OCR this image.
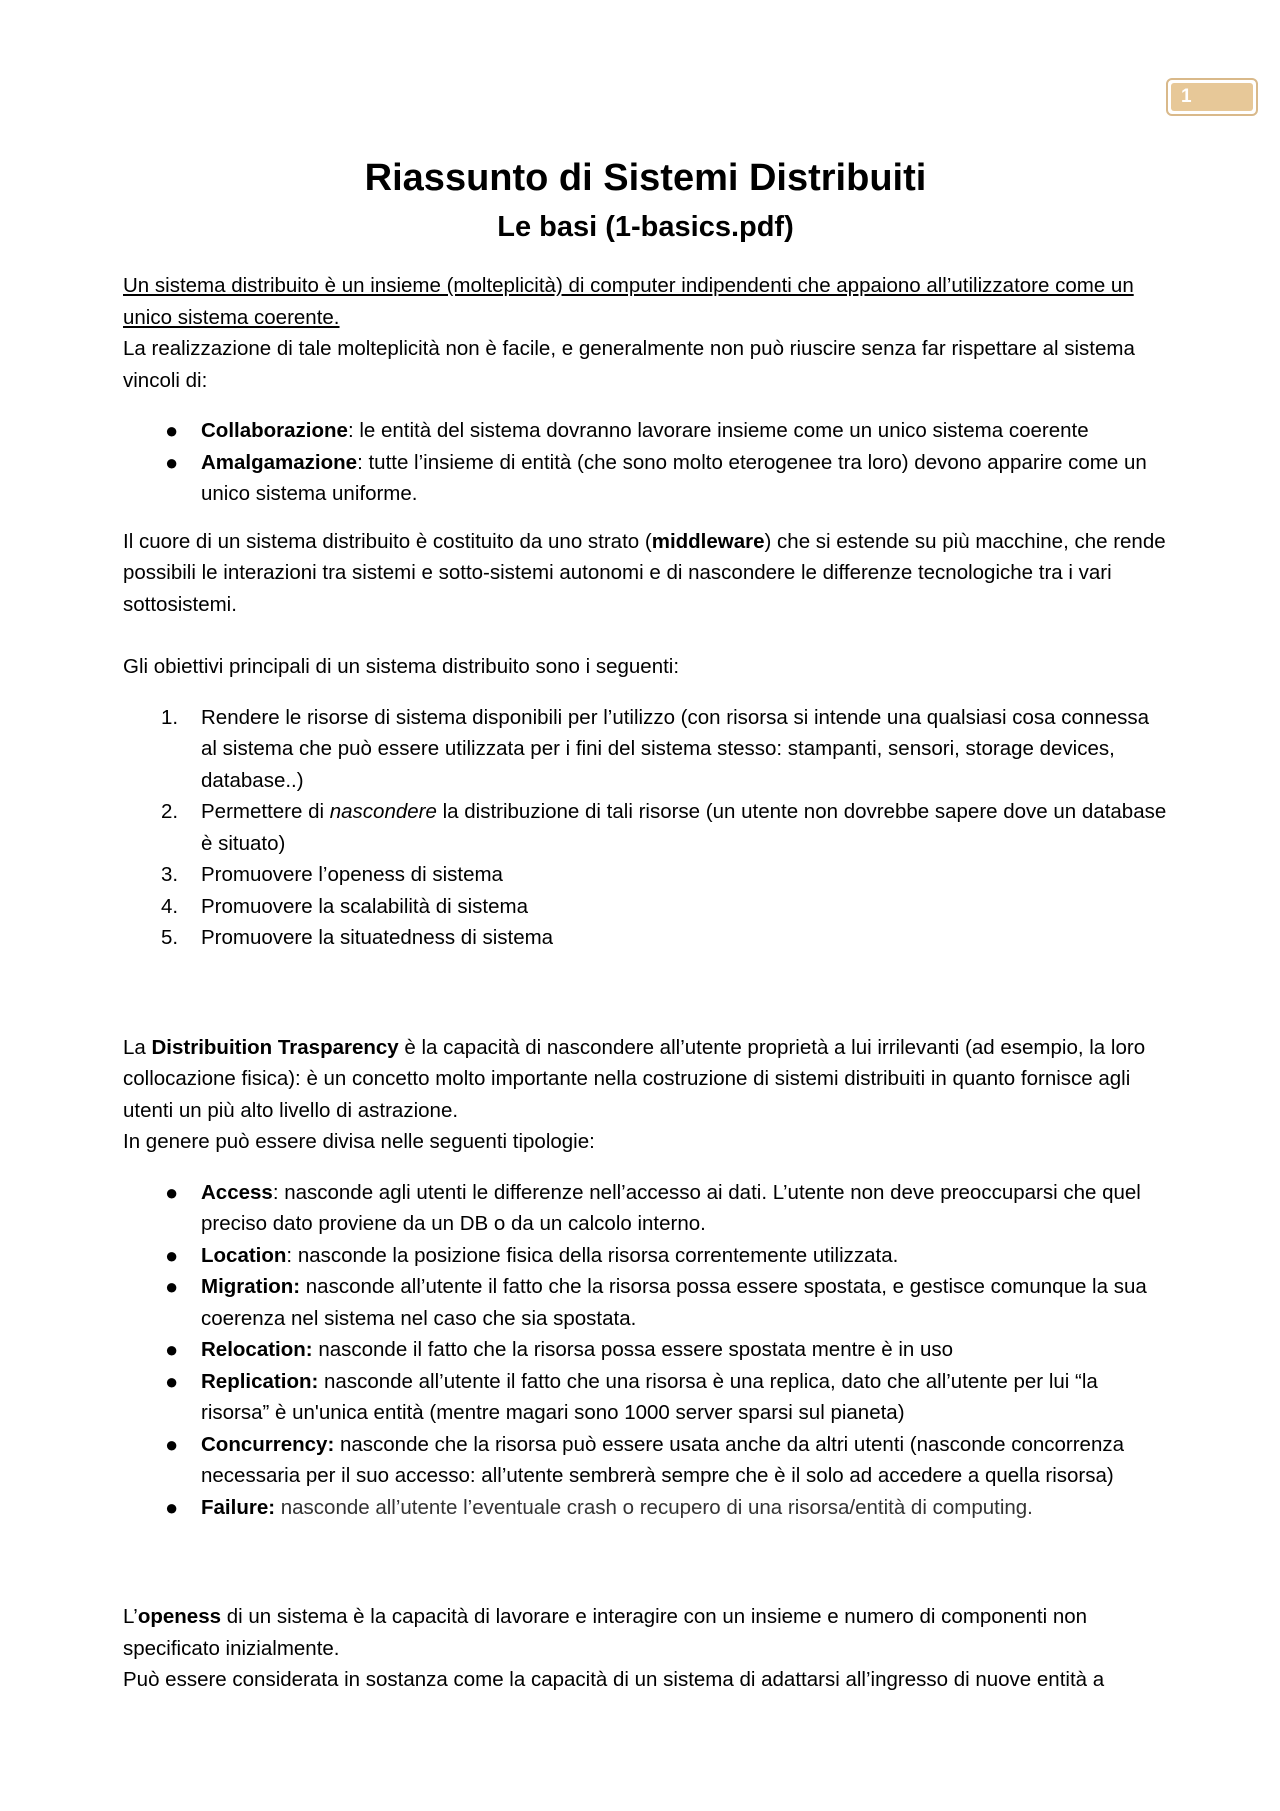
1
Riassunto di Sistemi Distribuiti
Le basi (1-basics.pdf)

Un sistema distribuito è un insieme (molteplicità) di computer indipendenti che appaiono all’utilizzatore come un unico sistema coerente.
La realizzazione di tale molteplicità non è facile, e generalmente non può riuscire senza far rispettare al sistema vincoli di:

●	Collaborazione: le entità del sistema dovranno lavorare insieme come un unico sistema coerente
●	Amalgamazione: tutte l’insieme di entità (che sono molto eterogenee tra loro) devono apparire come un unico sistema uniforme.

Il cuore di un sistema distribuito è costituito da uno strato (middleware) che si estende su più macchine, che rende possibili le interazioni tra sistemi e sotto-sistemi autonomi e di nascondere le differenze tecnologiche tra i vari sottosistemi.

Gli obiettivi principali di un sistema distribuito sono i seguenti:

1.	Rendere le risorse di sistema disponibili per l’utilizzo (con risorsa si intende una qualsiasi cosa connessa al sistema che può essere utilizzata per i fini del sistema stesso: stampanti, sensori, storage devices, database..)
2.	Permettere di nascondere la distribuzione di tali risorse (un utente non dovrebbe sapere dove un database è situato)
3.	Promuovere l’openess di sistema
4.	Promuovere la scalabilità di sistema
5.	Promuovere la situatedness di sistema

La Distribuition Trasparency è la capacità di nascondere all’utente proprietà a lui irrilevanti (ad esempio, la loro collocazione fisica): è un concetto molto importante nella costruzione di sistemi distribuiti in quanto fornisce agli utenti un più alto livello di astrazione.
In genere può essere divisa nelle seguenti tipologie:

●	Access: nasconde agli utenti le differenze nell’accesso ai dati. L’utente non deve preoccuparsi che quel preciso dato proviene da un DB o da un calcolo interno.
●	Location: nasconde la posizione fisica della risorsa correntemente utilizzata.
●	Migration: nasconde all’utente il fatto che la risorsa possa essere spostata, e gestisce comunque la sua coerenza nel sistema nel caso che sia spostata.
●	Relocation: nasconde il fatto che la risorsa possa essere spostata mentre è in uso
●	Replication: nasconde all’utente il fatto che una risorsa è una replica, dato che all’utente per lui “la risorsa” è un'unica entità (mentre magari sono 1000 server sparsi sul pianeta)
●	Concurrency: nasconde che la risorsa può essere usata anche da altri utenti (nasconde concorrenza necessaria per il suo accesso: all’utente sembrerà sempre che è il solo ad accedere a quella risorsa)
●	Failure: nasconde all’utente l’eventuale crash o recupero di una risorsa/entità di computing.

L’openess di un sistema è la capacità di lavorare e interagire con un insieme e numero di componenti non specificato inizialmente.
Può essere considerata in sostanza come la capacità di un sistema di adattarsi all’ingresso di nuove entità a
